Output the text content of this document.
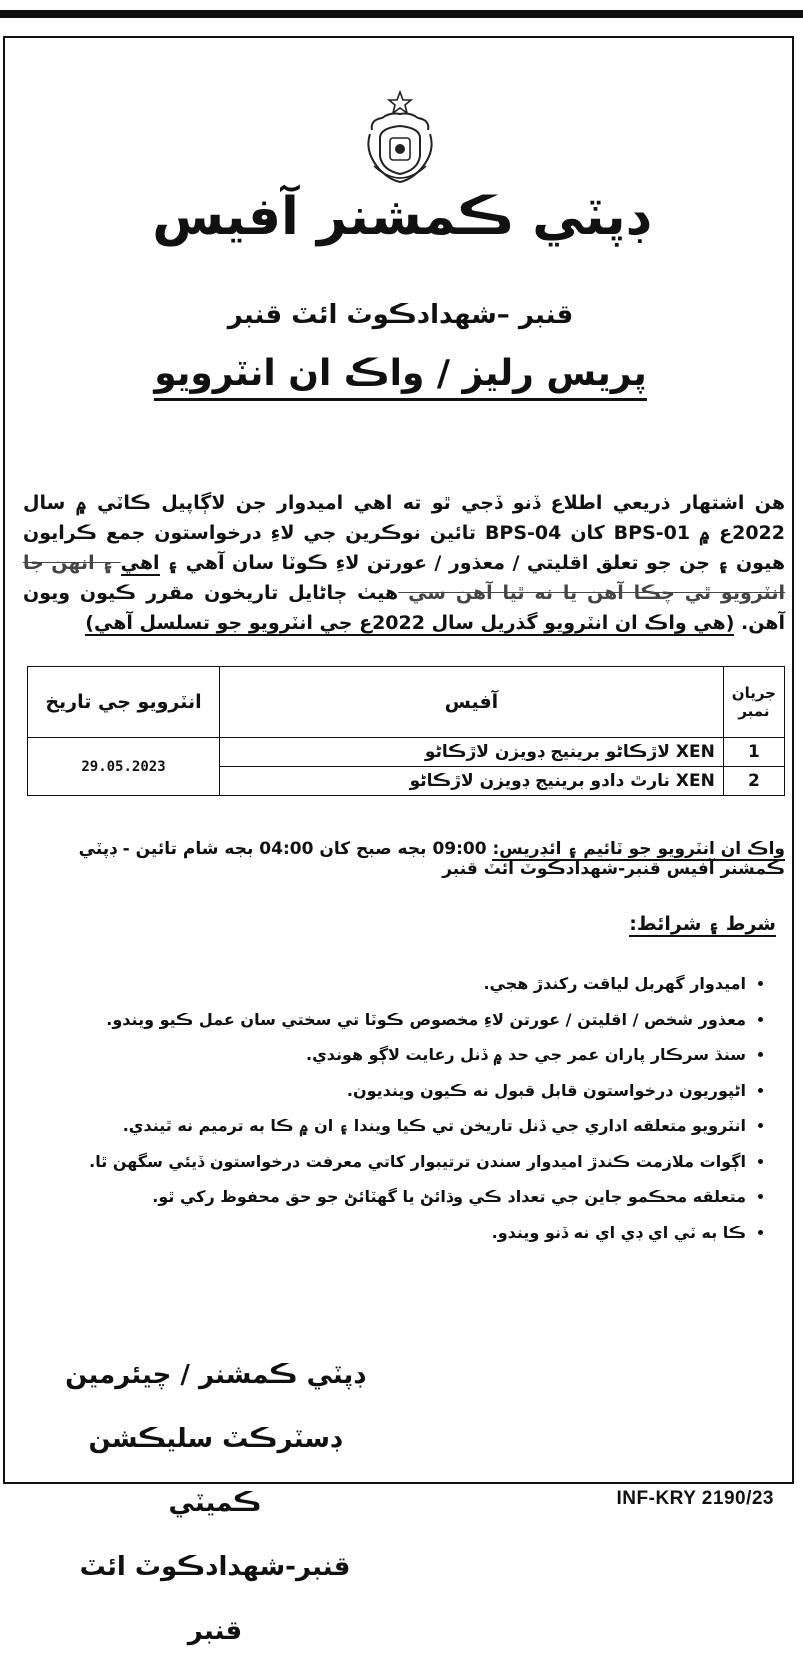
ڊپٽي ڪمشنر آفيس
قنبر –شهدادڪوٽ ائٽ قنبر
پريس رليز / واڪ ان انٽرويو
هن اشتهار ذريعي اطلاع ڏنو ڏجي ٿو ته اهي اميدوار جن لاڳاپيل ڪاٽي ۾ سال 2022ع ۾ BPS-01 کان BPS-04 تائين نوڪرين جي لاءِ درخواستون جمع ڪرايون هيون ۽ جن جو تعلق اقليتي / معذور / عورتن لاءِ ڪوٽا سان آهي ۽ اهي ۽ انهن جا انٽرويو ٿي چڪا آهن يا نه ٿيا آهن سي هيٺ ڄاڻايل تاريخون مقرر ڪيون ويون آهن. (هي واڪ ان انٽرويو گذريل سال 2022ع جي انٽرويو جو تسلسل آهي)
جريان نمبر	آفيس	انٽرويو جي تاريخ
1	XEN لاڙڪاڻو برينيج ڊويزن لاڙڪاڻو	29.05.2023
2	XEN نارٿ دادو برينيج ڊويزن لاڙڪاڻو	
واڪ ان انٽرويو جو ٽائيم ۽ ائڊريس: 09:00 بجه صبح کان 04:00 بجه شام تائين - ڊپٽي ڪمشنر آفيس قنبر-شهدادڪوٽ ائٽ قنبر
شرط ۽ شرائط:
• اميدوار گهربل لياقت رکندڙ هجي.
• معذور شخص / اقليتن / عورتن لاءِ مخصوص ڪوٽا تي سختي سان عمل ڪيو ويندو.
• سنڌ سرڪار پاران عمر جي حد ۾ ڏنل رعايت لاڳو هوندي.
• اڻپوريون درخواستون قابل قبول نه ڪيون وينديون.
• انٽرويو متعلقه اداري جي ڏنل تاريخن تي ڪيا ويندا ۽ ان ۾ ڪا به ترميم نه ٿيندي.
• اڳوات ملازمت ڪندڙ اميدوار سندن ترتيبوار کاتي معرفت درخواستون ڏيئي سگهن ٿا.
• متعلقه محڪمو جاين جي تعداد ڪي وڌائڻ يا گهٽائڻ جو حق محفوظ رکي ٿو.
• ڪا به ٽي اي ڊي اي نه ڏنو ويندو.
ڊپٽي ڪمشنر / چيئرمين
ڊسٽرڪٽ سليڪشن ڪميٽي
قنبر-شهدادڪوٽ ائٽ قنبر
INF-KRY 2190/23
